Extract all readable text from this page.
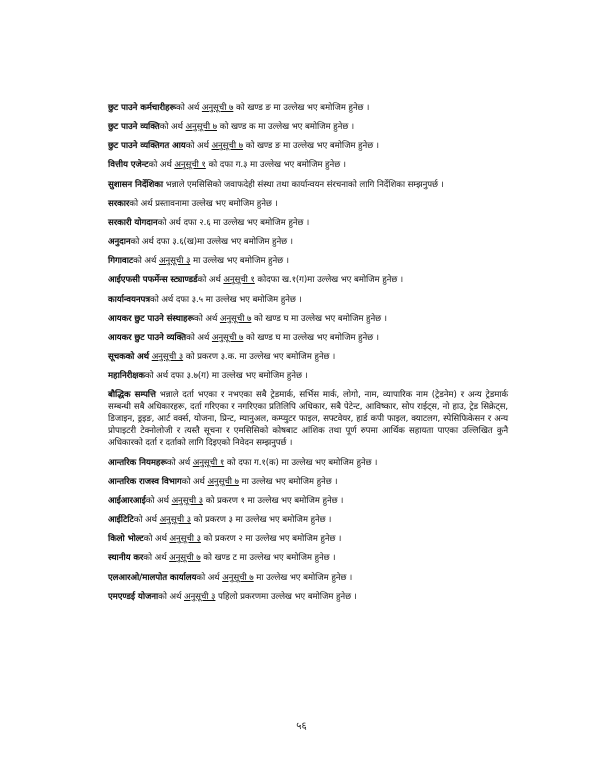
छुट पाउने कर्मचारीहरूको अर्थ अनुसूची ७ को खण्ड ङ मा उल्लेख भए बमोजिम हुनेछ ।

छुट पाउने व्यक्तिको अर्थ अनुसूची ७ को खण्ड क मा उल्लेख भए बमोजिम हुनेछ ।

छुट पाउने व्यक्तिगत आयको अर्थ अनुसूची ७ को खण्ड ङ मा उल्लेख भए बमोजिम हुनेछ ।

वित्तीय एजेन्टको अर्थ अनुसूची १ को दफा ग.३ मा उल्लेख भए बमोजिम हुनेछ ।

सुशासन निर्देशिका भन्नाले एमसिसिको जवाफदेही संस्था तथा कार्यान्वयन संरचनाको लागि निर्देशिका सम्झनुपर्छ ।

सरकारको अर्थ प्रस्तावनामा उल्लेख भए बमोजिम हुनेछ ।

सरकारी योगदानको अर्थ दफा २.६ मा उल्लेख भए बमोजिम हुनेछ ।

अनुदानको अर्थ दफा ३.६(ख)मा उल्लेख भए बमोजिम हुनेछ ।

गिगावाटको अर्थ अनुसूची ३ मा उल्लेख भए बमोजिम हुनेछ ।

आईएफसी पफर्मेन्स स्ट्याण्डर्डको अर्थ अनुसूची १ कोदफा ख.१(ग)मा उल्लेख भए बमोजिम हुनेछ ।

कार्यान्वयनपत्रको अर्थ दफा ३.५ मा उल्लेख भए बमोजिम हुनेछ ।

आयकर छुट पाउने संस्थाहरूको अर्थ अनुसूची ७ को खण्ड घ मा उल्लेख भए बमोजिम हुनेछ ।

आयकर छुट पाउने व्यक्तिको अर्थ अनुसूची ७ को खण्ड घ मा उल्लेख भए बमोजिम हुनेछ ।

सूचकको अर्थ अनुसूची ३ को प्रकरण ३.क. मा उल्लेख भए बमोजिम हुनेछ ।

महानिरीक्षकको अर्थ दफा ३.७(ग) मा उल्लेख भए बमोजिम हुनेछ ।

बौद्धिक सम्पत्ति भन्नाले दर्ता भएका र नभएका सबै ट्रेडमार्क, सर्भिस मार्क, लोगो, नाम, व्यापारिक नाम (ट्रेडनेम) र अन्य ट्रेडमार्क सम्बन्धी सबै अधिकारहरू, दर्ता गरिएका र नगरिएका प्रतिलिपि अधिकार, सबै पेटेन्ट, आविष्कार, सोप राईट्स, नो हाउ, ट्रेड सिक्रेट्स, डिजाइन, ड्रइङ, आर्ट वर्क्स, योजना, प्रिन्ट, म्यानुअल, कम्प्युटर फाइल, सफ्टवेयर, हार्ड कपी फाइल, क्याटलग, स्पेसिफिकेसन र अन्य प्रोपाइटरी टेक्नोलोजी र त्यस्तै सूचना र एमसिसिको कोषबाट आंशिक तथा पूर्ण रुपमा आर्थिक सहायता पाएका उल्लिखित कुनै अधिकारको दर्ता र दर्ताको लागि दिइएको निवेदन सम्झनुपर्छ ।

आन्तरिक नियमहरूको अर्थ अनुसूची १ को दफा ग.१(क) मा उल्लेख भए बमोजिम हुनेछ ।

आन्तरिक राजस्व विभागको अर्थ अनुसूची ७ मा उल्लेख भए बमोजिम हुनेछ ।

आईआरआईको अर्थ अनुसूची ३ को प्रकरण १ मा उल्लेख भए बमोजिम हुनेछ ।

आईटिटिको अर्थ अनुसूची ३ को प्रकरण ३ मा उल्लेख भए बमोजिम हुनेछ ।

किलो भोल्टको अर्थ अनुसूची ३ को प्रकरण २ मा उल्लेख भए बमोजिम हुनेछ ।

स्थानीय करको अर्थ अनुसूची ७ को खण्ड ट मा उल्लेख भए बमोजिम हुनेछ ।

एलआरओ/मालपोत कार्यालयको अर्थ अनुसूची ७ मा उल्लेख भए बमोजिम हुनेछ ।

एमएण्डई योजनाको अर्थ अनुसूची ३ पहिलो प्रकरणमा उल्लेख भए बमोजिम हुनेछ ।

५६
